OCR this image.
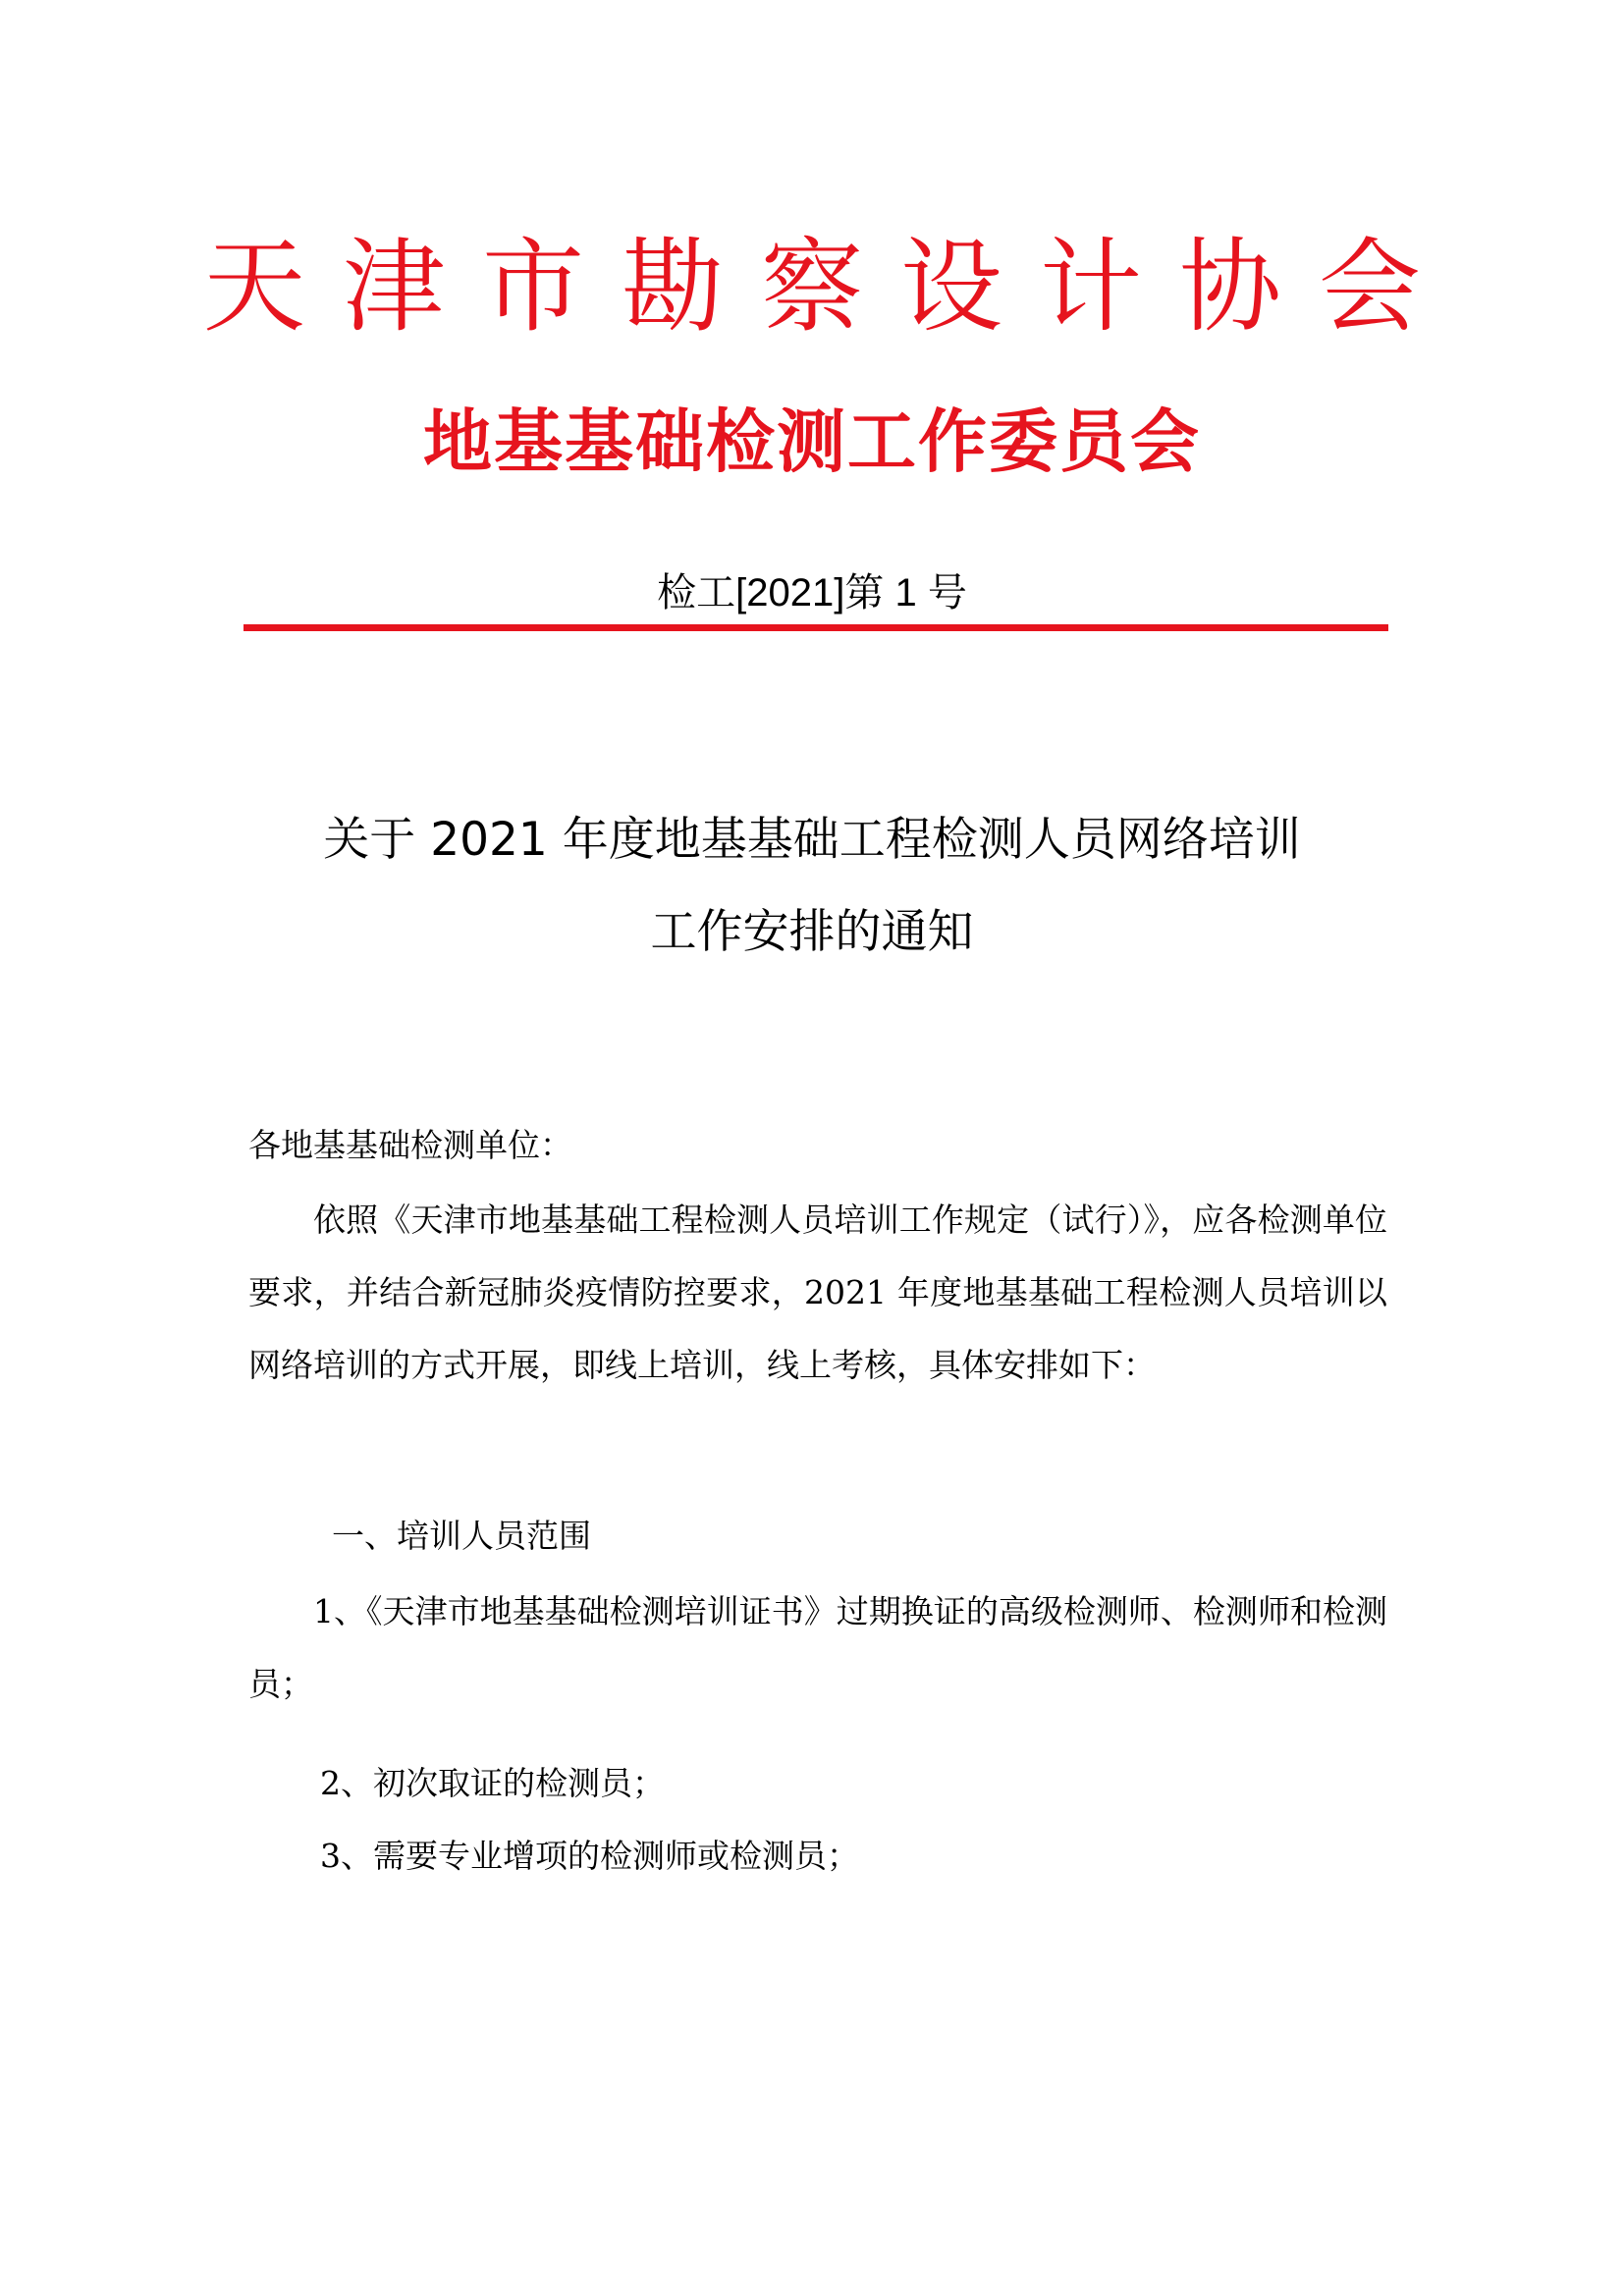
天津市勘察设计协会
地基基础检测工作委员会
检工[2021]第 1 号
关于 2021 年度地基基础工程检测人员网络培训
工作安排的通知
各地基基础检测单位：
依照《天津市地基基础工程检测人员培训工作规定（试行）》，应各检测单位要求，并结合新冠肺炎疫情防控要求，2021 年度地基基础工程检测人员培训以网络培训的方式开展，即线上培训，线上考核，具体安排如下：
一、培训人员范围
1、《天津市地基基础检测培训证书》过期换证的高级检测师、检测师和检测员；
2、初次取证的检测员；
3、需要专业增项的检测师或检测员；
